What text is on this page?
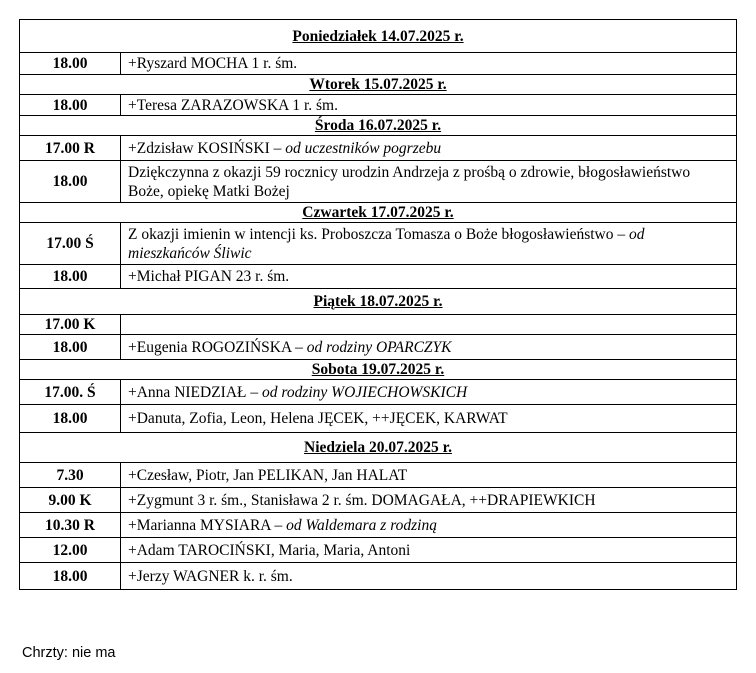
Poniedziałek 14.07.2025 r.	
18.00	+Ryszard MOCHA 1 r. śm.
Wtorek 15.07.2025 r.	
18.00	+Teresa ZARAZOWSKA 1 r. śm.
Środa 16.07.2025 r.	
17.00 R	+Zdzisław KOSIŃSKI – od uczestników pogrzebu
18.00	Dziękczynna z okazji 59 rocznicy urodzin Andrzeja z prośbą o zdrowie, błogosławieństwo Boże, opiekę Matki Bożej
Czwartek 17.07.2025 r.	
17.00 Ś	Z okazji imienin w intencji ks. Proboszcza Tomasza o Boże błogosławieństwo – od mieszkańców Śliwic
18.00	+Michał PIGAN 23 r. śm.
Piątek 18.07.2025 r.	
17.00 K	
18.00	+Eugenia ROGOZIŃSKA – od rodziny OPARCZYK
Sobota 19.07.2025 r.	
17.00. Ś	+Anna NIEDZIAŁ – od rodziny WOJIECHOWSKICH
18.00	+Danuta, Zofia, Leon, Helena JĘCEK, ++JĘCEK, KARWAT
Niedziela 20.07.2025 r.	
7.30	+Czesław, Piotr, Jan PELIKAN, Jan HALAT
9.00 K	+Zygmunt 3 r. śm., Stanisława 2 r. śm. DOMAGAŁA, ++DRAPIEWKICH
10.30 R	+Marianna MYSIARA – od Waldemara z rodziną
12.00	+Adam TAROCIŃSKI, Maria, Maria, Antoni
18.00	+Jerzy WAGNER k. r. śm.
Chrzty: nie ma
